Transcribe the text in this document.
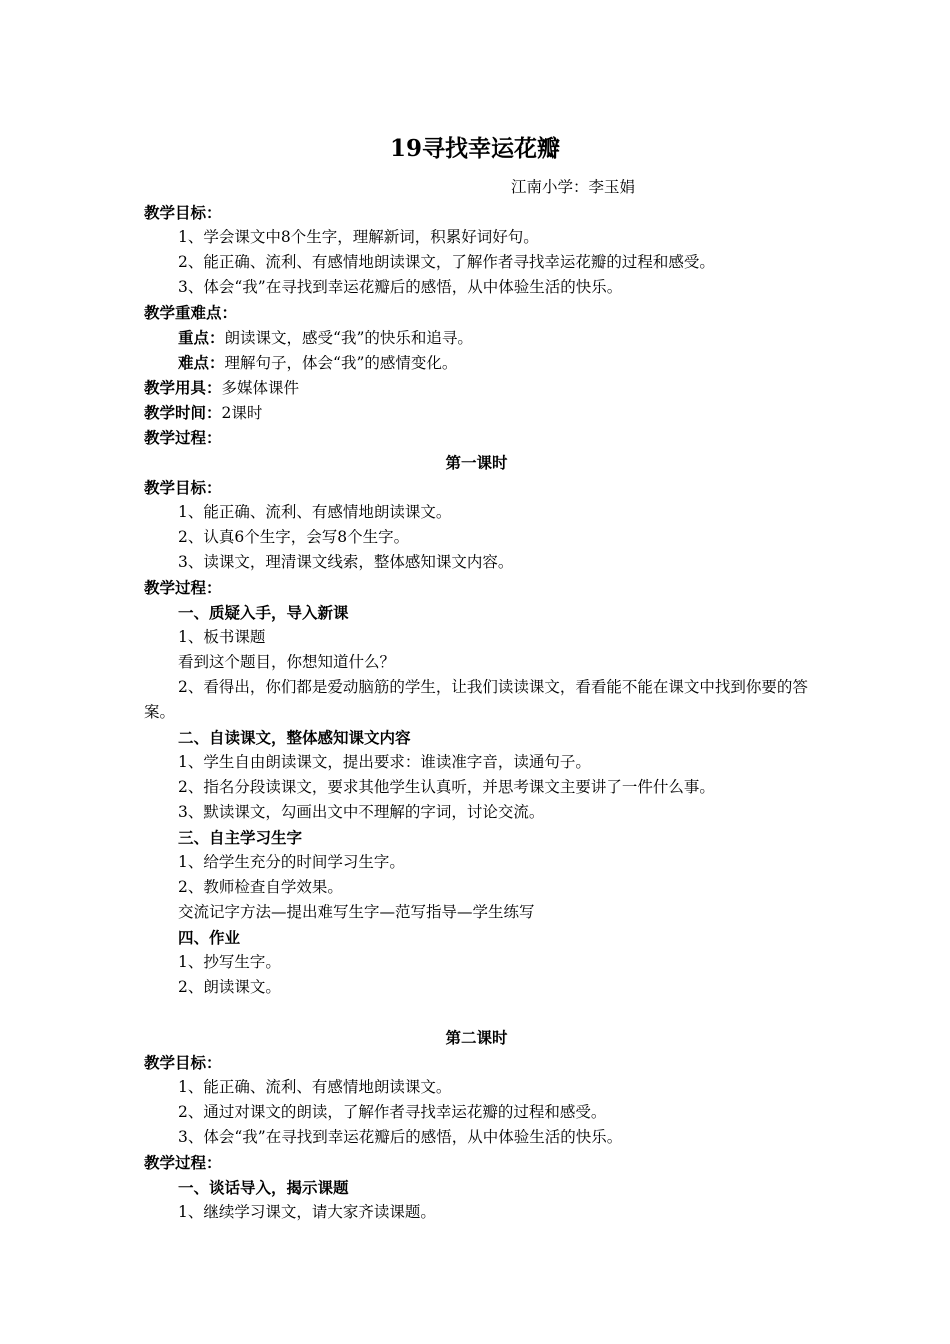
19寻找幸运花瓣
江南小学：李玉娟
教学目标：
1、学会课文中8个生字，理解新词，积累好词好句。
2、能正确、流利、有感情地朗读课文，了解作者寻找幸运花瓣的过程和感受。
3、体会“我”在寻找到幸运花瓣后的感悟，从中体验生活的快乐。
教学重难点：
重点：朗读课文，感受“我”的快乐和追寻。
难点：理解句子，体会“我”的感情变化。
教学用具：多媒体课件
教学时间：2课时
教学过程：
第一课时
教学目标：
1、能正确、流利、有感情地朗读课文。
2、认真6个生字，会写8个生字。
3、读课文，理清课文线索，整体感知课文内容。
教学过程：
一、质疑入手，导入新课
1、板书课题
看到这个题目，你想知道什么？
2、看得出，你们都是爱动脑筋的学生，让我们读读课文，看看能不能在课文中找到你要的答案。
二、自读课文，整体感知课文内容
1、学生自由朗读课文，提出要求：谁读准字音，读通句子。
2、指名分段读课文，要求其他学生认真听，并思考课文主要讲了一件什么事。
3、默读课文，勾画出文中不理解的字词，讨论交流。
三、自主学习生字
1、给学生充分的时间学习生字。
2、教师检查自学效果。
交流记字方法—提出难写生字—范写指导—学生练写
四、作业
1、抄写生字。
2、朗读课文。
第二课时
教学目标：
1、能正确、流利、有感情地朗读课文。
2、通过对课文的朗读，了解作者寻找幸运花瓣的过程和感受。
3、体会“我”在寻找到幸运花瓣后的感悟，从中体验生活的快乐。
教学过程：
一、谈话导入，揭示课题
1、继续学习课文，请大家齐读课题。
